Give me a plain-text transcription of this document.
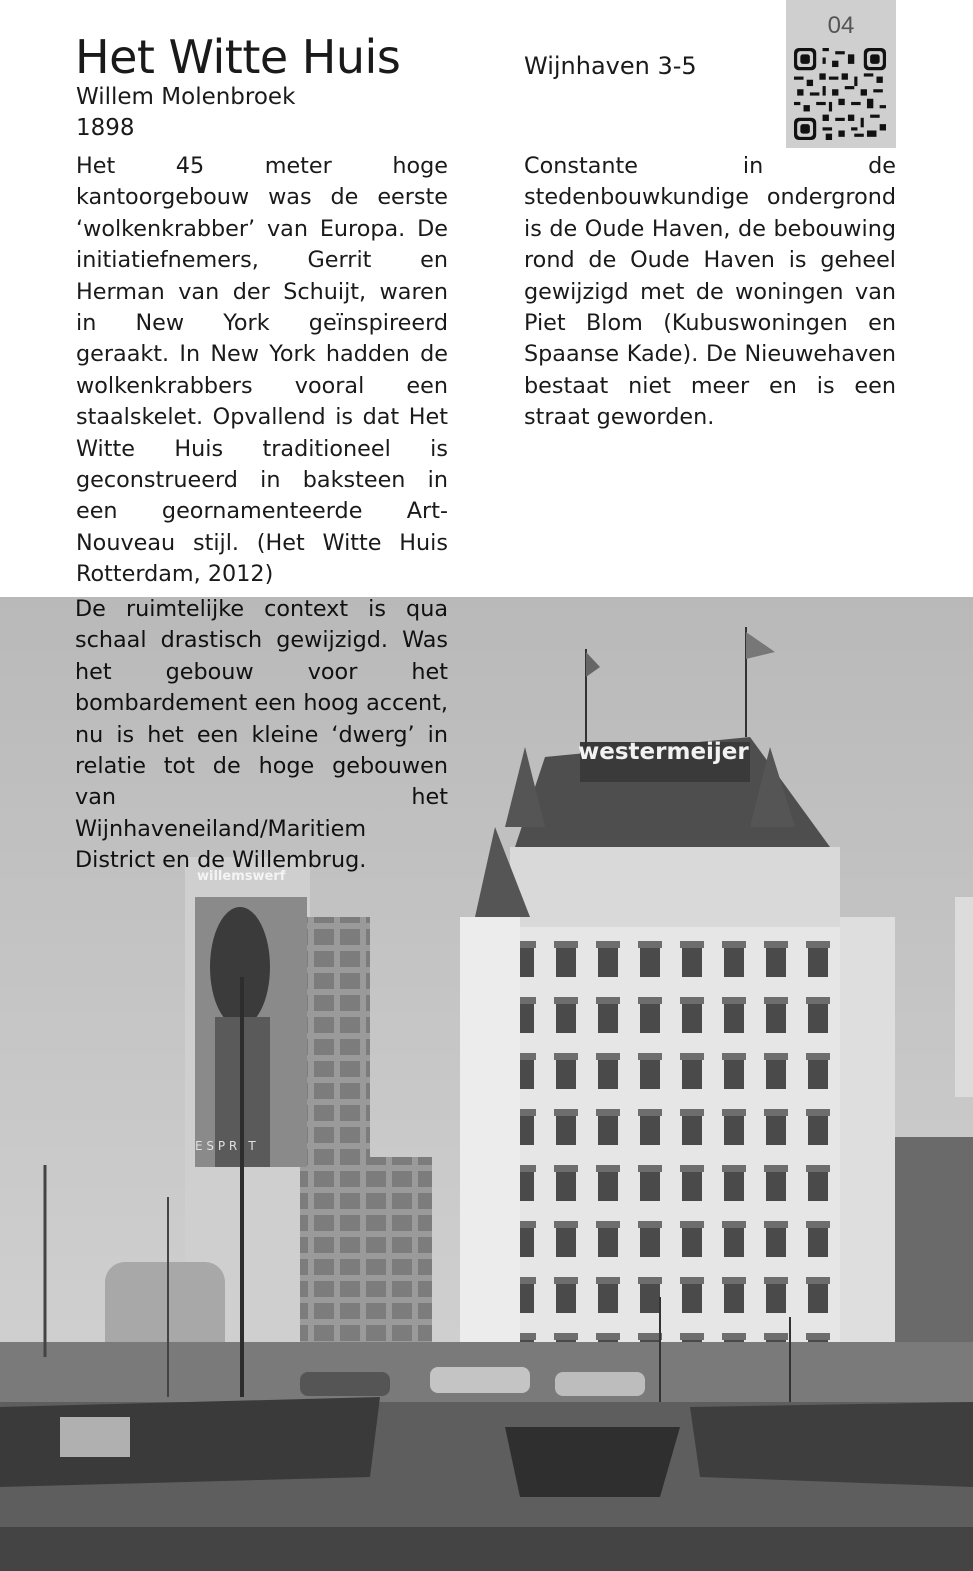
04
Het Witte Huis
Willem Molenbroek
1898
Wijnhaven 3-5

Het 45 meter hoge kantoorgebouw was de eerste ‘wolkenkrabber’ van Europa. De initiatiefnemers, Gerrit en Herman van der Schuijt, waren in New York geïnspireerd geraakt. In New York hadden de wolkenkrabbers vooral een staalskelet. Opvallend is dat Het Witte Huis traditioneel is geconstrueerd in baksteen in een geornamenteerde Art-Nouveau stijl. (Het Witte Huis Rotterdam, 2012)

Constante in de stedenbouwkundige ondergrond is de Oude Haven, de bebouwing rond de Oude Haven is geheel gewijzigd met de woningen van Piet Blom (Kubuswoningen en Spaanse Kade). De Nieuwehaven bestaat niet meer en is een straat geworden.

westermeijer
willemswerf
E S P R I T

De ruimtelijke context is qua schaal drastisch gewijzigd. Was het gebouw voor het bombardement een hoog accent, nu is het een kleine ‘dwerg’ in relatie tot de hoge gebouwen van het Wijnhaveneiland/Maritiem District en de Willembrug.
